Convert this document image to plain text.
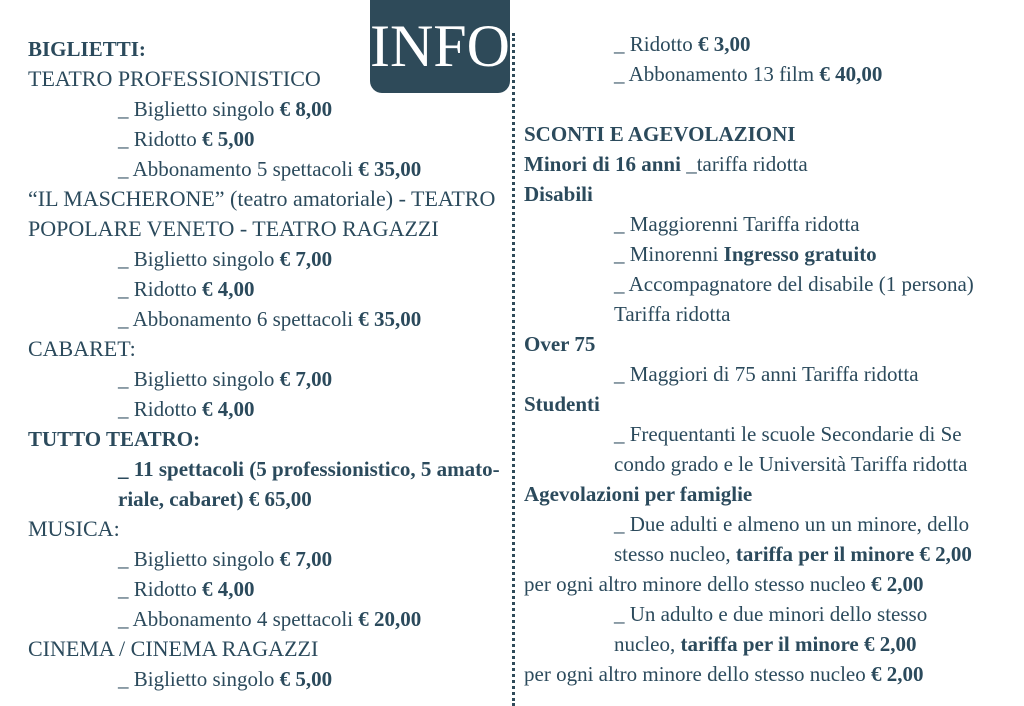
INFO
BIGLIETTI:
TEATRO PROFESSIONISTICO
_ Biglietto singolo € 8,00
_ Ridotto € 5,00
_ Abbonamento 5 spettacoli € 35,00
“IL MASCHERONE” (teatro amatoriale) - TEATRO
POPOLARE VENETO - TEATRO RAGAZZI
_ Biglietto singolo € 7,00
_ Ridotto € 4,00
_ Abbonamento 6 spettacoli € 35,00
CABARET:
_ Biglietto singolo € 7,00
_ Ridotto € 4,00
TUTTO TEATRO:
_ 11 spettacoli (5 professionistico, 5 amato-
riale, cabaret) € 65,00
MUSICA:
_ Biglietto singolo € 7,00
_ Ridotto € 4,00
_ Abbonamento 4 spettacoli € 20,00
CINEMA / CINEMA RAGAZZI
_ Biglietto singolo € 5,00
_ Ridotto € 3,00
_ Abbonamento 13 film € 40,00
SCONTI E AGEVOLAZIONI
Minori di 16 anni _tariffa ridotta
Disabili
_ Maggiorenni Tariffa ridotta
_ Minorenni Ingresso gratuito
_ Accompagnatore del disabile (1 persona)
Tariffa ridotta
Over 75
_ Maggiori di 75 anni Tariffa ridotta
Studenti
_ Frequentanti le scuole Secondarie di Se
condo grado e le Università Tariffa ridotta
Agevolazioni per famiglie
_ Due adulti e almeno un un minore, dello
stesso nucleo, tariffa per il minore € 2,00
per ogni altro minore dello stesso nucleo € 2,00
_ Un adulto e due minori dello stesso
nucleo, tariffa per il minore € 2,00
per ogni altro minore dello stesso nucleo € 2,00
